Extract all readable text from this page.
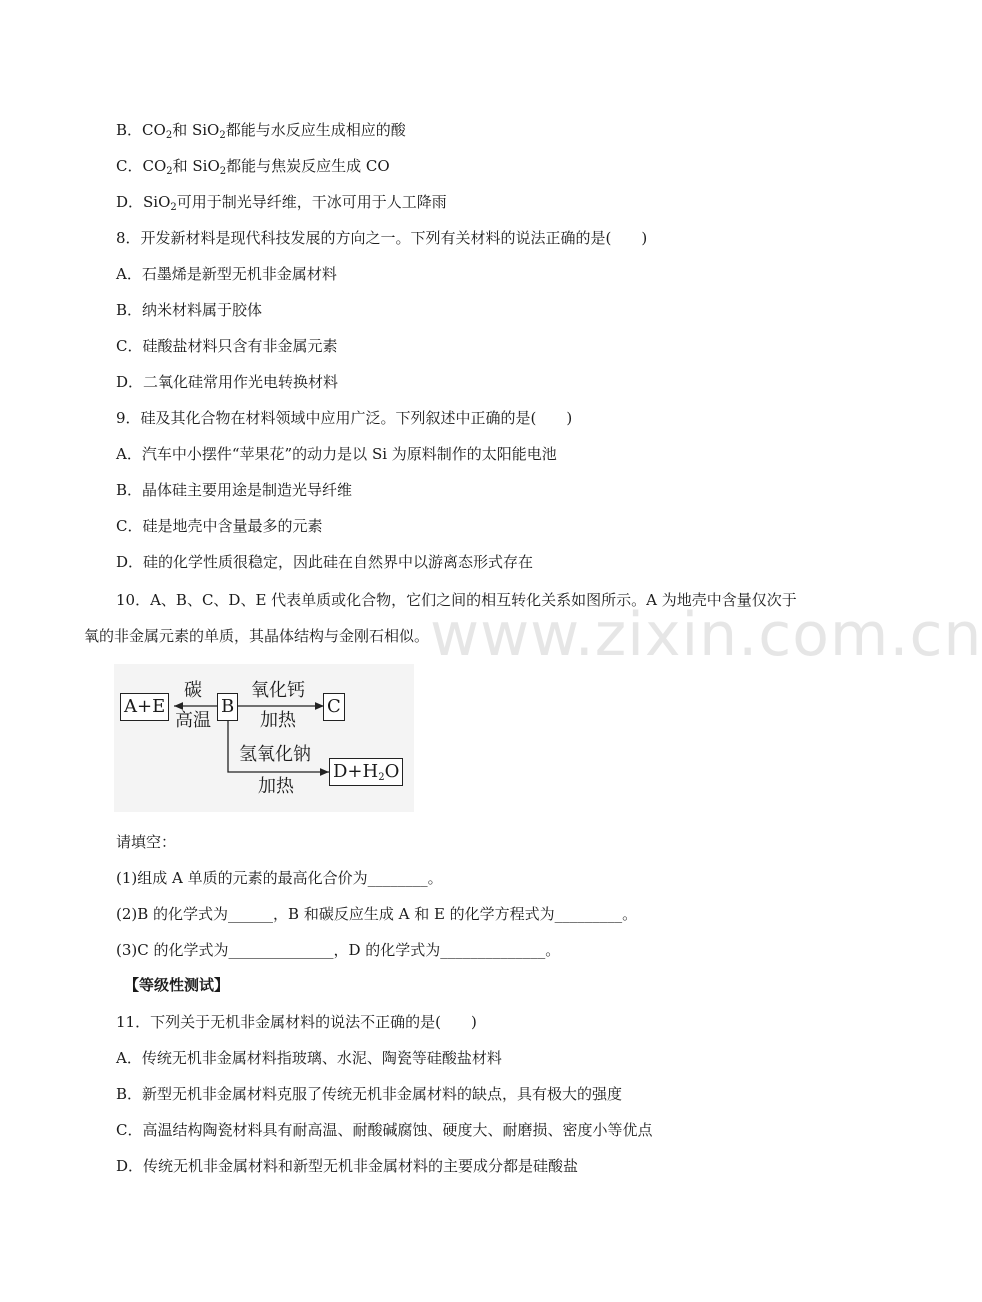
www.zixin.com.cn
B．$CO_2$和 SiO$_2$都能与水反应生成相应的酸
C．$CO_2$和 SiO$_2$都能与焦炭反应生成 CO
D．SiO$_2$可用于制光导纤维，干冰可用于人工降雨
8．开发新材料是现代科技发展的方向之一。下列有关材料的说法正确的是(　　)
A．石墨烯是新型无机非金属材料
B．纳米材料属于胶体
C．硅酸盐材料只含有非金属元素
D．二氧化硅常用作光电转换材料
9．硅及其化合物在材料领域中应用广泛。下列叙述中正确的是(　　)
A．汽车中小摆件“苹果花”的动力是以 Si 为原料制作的太阳能电池
B．晶体硅主要用途是制造光导纤维
C．硅是地壳中含量最多的元素
D．硅的化学性质很稳定，因此硅在自然界中以游离态形式存在
10．A、B、C、D、E 代表单质或化合物，它们之间的相互转化关系如图所示。A 为地壳中含量仅次于
氧的非金属元素的单质，其晶体结构与金刚石相似。
A+E	B	C
$D+H_2O$
碳
高温
氧化钙
加热
氢氧化钠
加热
请填空：
(1)组成 A 单质的元素的最高化合价为________。
(2)B 的化学式为______，B 和碳反应生成 A 和 E 的化学方程式为_________。
(3)C 的化学式为______________，D 的化学式为______________。
【等级性测试】
11．下列关于无机非金属材料的说法不正确的是(　　)
A．传统无机非金属材料指玻璃、水泥、陶瓷等硅酸盐材料
B．新型无机非金属材料克服了传统无机非金属材料的缺点，具有极大的强度
C．高温结构陶瓷材料具有耐高温、耐酸碱腐蚀、硬度大、耐磨损、密度小等优点
D．传统无机非金属材料和新型无机非金属材料的主要成分都是硅酸盐
